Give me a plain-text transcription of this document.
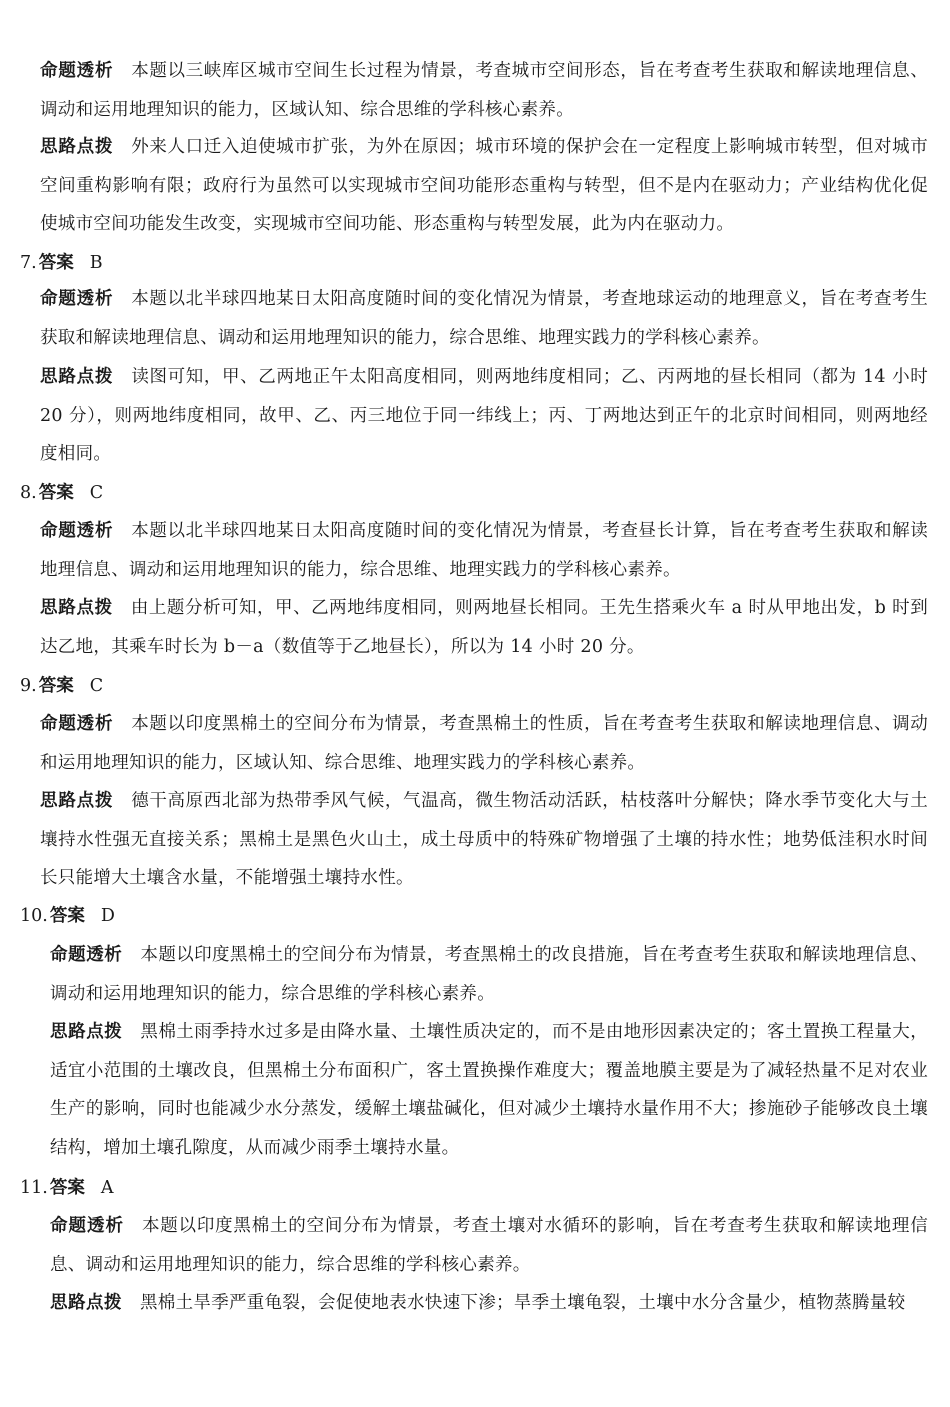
命题透析 本题以三峡库区城市空间生长过程为情景，考查城市空间形态，旨在考查考生获取和解读地理信息、调动和运用地理知识的能力，区域认知、综合思维的学科核心素养。

思路点拨 外来人口迁入迫使城市扩张，为外在原因；城市环境的保护会在一定程度上影响城市转型，但对城市空间重构影响有限；政府行为虽然可以实现城市空间功能形态重构与转型，但不是内在驱动力；产业结构优化促使城市空间功能发生改变，实现城市空间功能、形态重构与转型发展，此为内在驱动力。

7. 答案 B

命题透析 本题以北半球四地某日太阳高度随时间的变化情况为情景，考查地球运动的地理意义，旨在考查考生获取和解读地理信息、调动和运用地理知识的能力，综合思维、地理实践力的学科核心素养。

思路点拨 读图可知，甲、乙两地正午太阳高度相同，则两地纬度相同；乙、丙两地的昼长相同（都为 14 小时 20 分），则两地纬度相同，故甲、乙、丙三地位于同一纬线上；丙、丁两地达到正午的北京时间相同，则两地经度相同。

8. 答案 C

命题透析 本题以北半球四地某日太阳高度随时间的变化情况为情景，考查昼长计算，旨在考查考生获取和解读地理信息、调动和运用地理知识的能力，综合思维、地理实践力的学科核心素养。

思路点拨 由上题分析可知，甲、乙两地纬度相同，则两地昼长相同。王先生搭乘火车 a 时从甲地出发，b 时到达乙地，其乘车时长为 b－a（数值等于乙地昼长），所以为 14 小时 20 分。

9. 答案 C

命题透析 本题以印度黑棉土的空间分布为情景，考查黑棉土的性质，旨在考查考生获取和解读地理信息、调动和运用地理知识的能力，区域认知、综合思维、地理实践力的学科核心素养。

思路点拨 德干高原西北部为热带季风气候，气温高，微生物活动活跃，枯枝落叶分解快；降水季节变化大与土壤持水性强无直接关系；黑棉土是黑色火山土，成土母质中的特殊矿物增强了土壤的持水性；地势低洼积水时间长只能增大土壤含水量，不能增强土壤持水性。

10. 答案 D

命题透析 本题以印度黑棉土的空间分布为情景，考查黑棉土的改良措施，旨在考查考生获取和解读地理信息、调动和运用地理知识的能力，综合思维的学科核心素养。

思路点拨 黑棉土雨季持水过多是由降水量、土壤性质决定的，而不是由地形因素决定的；客土置换工程量大，适宜小范围的土壤改良，但黑棉土分布面积广，客土置换操作难度大；覆盖地膜主要是为了减轻热量不足对农业生产的影响，同时也能减少水分蒸发，缓解土壤盐碱化，但对减少土壤持水量作用不大；掺施砂子能够改良土壤结构，增加土壤孔隙度，从而减少雨季土壤持水量。

11. 答案 A

命题透析 本题以印度黑棉土的空间分布为情景，考查土壤对水循环的影响，旨在考查考生获取和解读地理信息、调动和运用地理知识的能力，综合思维的学科核心素养。

思路点拨 黑棉土旱季严重龟裂，会促使地表水快速下渗；旱季土壤龟裂，土壤中水分含量少，植物蒸腾量较
